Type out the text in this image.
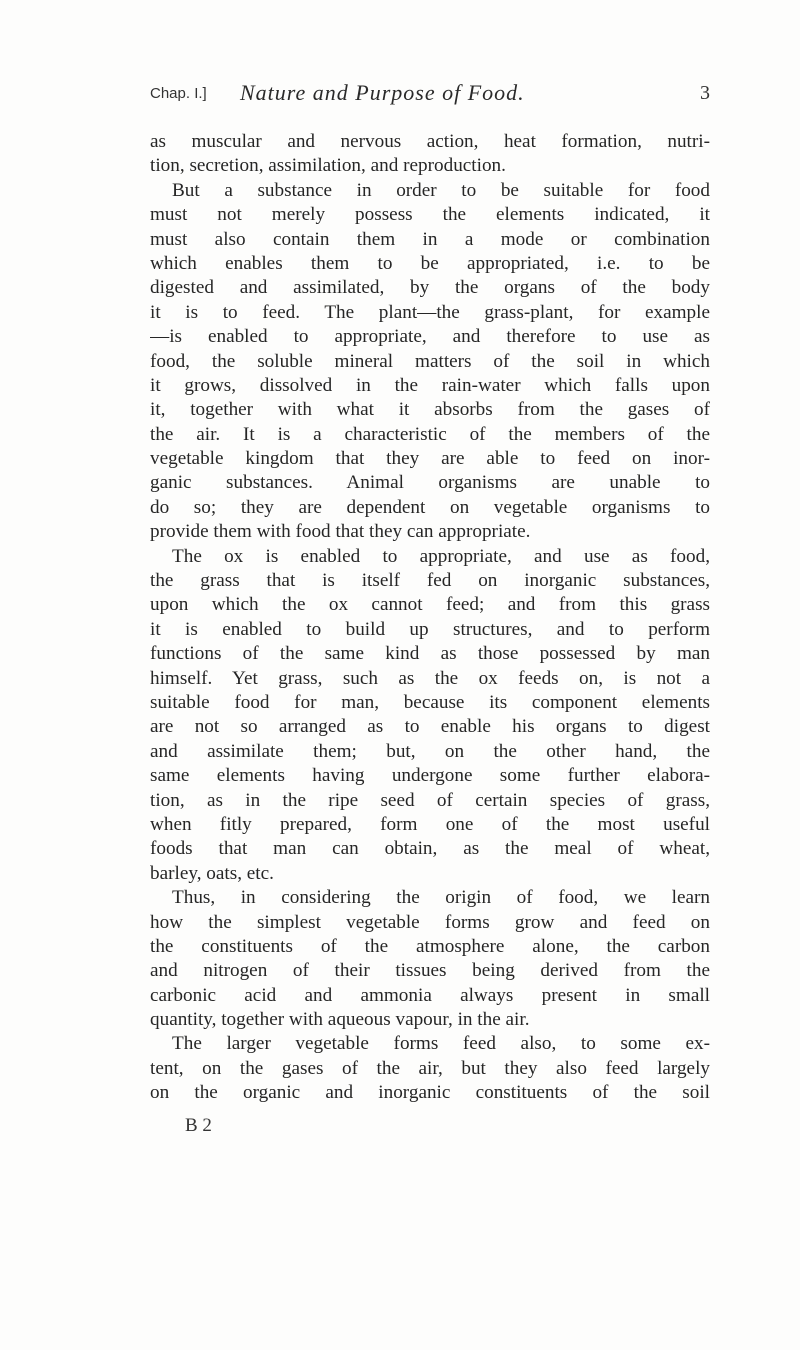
Chap. I.] Nature and Purpose of Food.	3
as muscular and nervous action, heat formation, nutri-
tion, secretion, assimilation, and reproduction.
But a substance in order to be suitable for food
must not merely possess the elements indicated, it
must also contain them in a mode or combination
which enables them to be appropriated, i.e. to be
digested and assimilated, by the organs of the body
it is to feed. The plant—the grass-plant, for example
—is enabled to appropriate, and therefore to use as
food, the soluble mineral matters of the soil in which
it grows, dissolved in the rain-water which falls upon
it, together with what it absorbs from the gases of
the air. It is a characteristic of the members of the
vegetable kingdom that they are able to feed on inor-
ganic substances. Animal organisms are unable to
do so; they are dependent on vegetable organisms to
provide them with food that they can appropriate.
The ox is enabled to appropriate, and use as food,
the grass that is itself fed on inorganic substances,
upon which the ox cannot feed; and from this grass
it is enabled to build up structures, and to perform
functions of the same kind as those possessed by man
himself. Yet grass, such as the ox feeds on, is not a
suitable food for man, because its component elements
are not so arranged as to enable his organs to digest
and assimilate them; but, on the other hand, the
same elements having undergone some further elabora-
tion, as in the ripe seed of certain species of grass,
when fitly prepared, form one of the most useful
foods that man can obtain, as the meal of wheat,
barley, oats, etc.
Thus, in considering the origin of food, we learn
how the simplest vegetable forms grow and feed on
the constituents of the atmosphere alone, the carbon
and nitrogen of their tissues being derived from the
carbonic acid and ammonia always present in small
quantity, together with aqueous vapour, in the air.
The larger vegetable forms feed also, to some ex-
tent, on the gases of the air, but they also feed largely
on the organic and inorganic constituents of the soil
B 2
